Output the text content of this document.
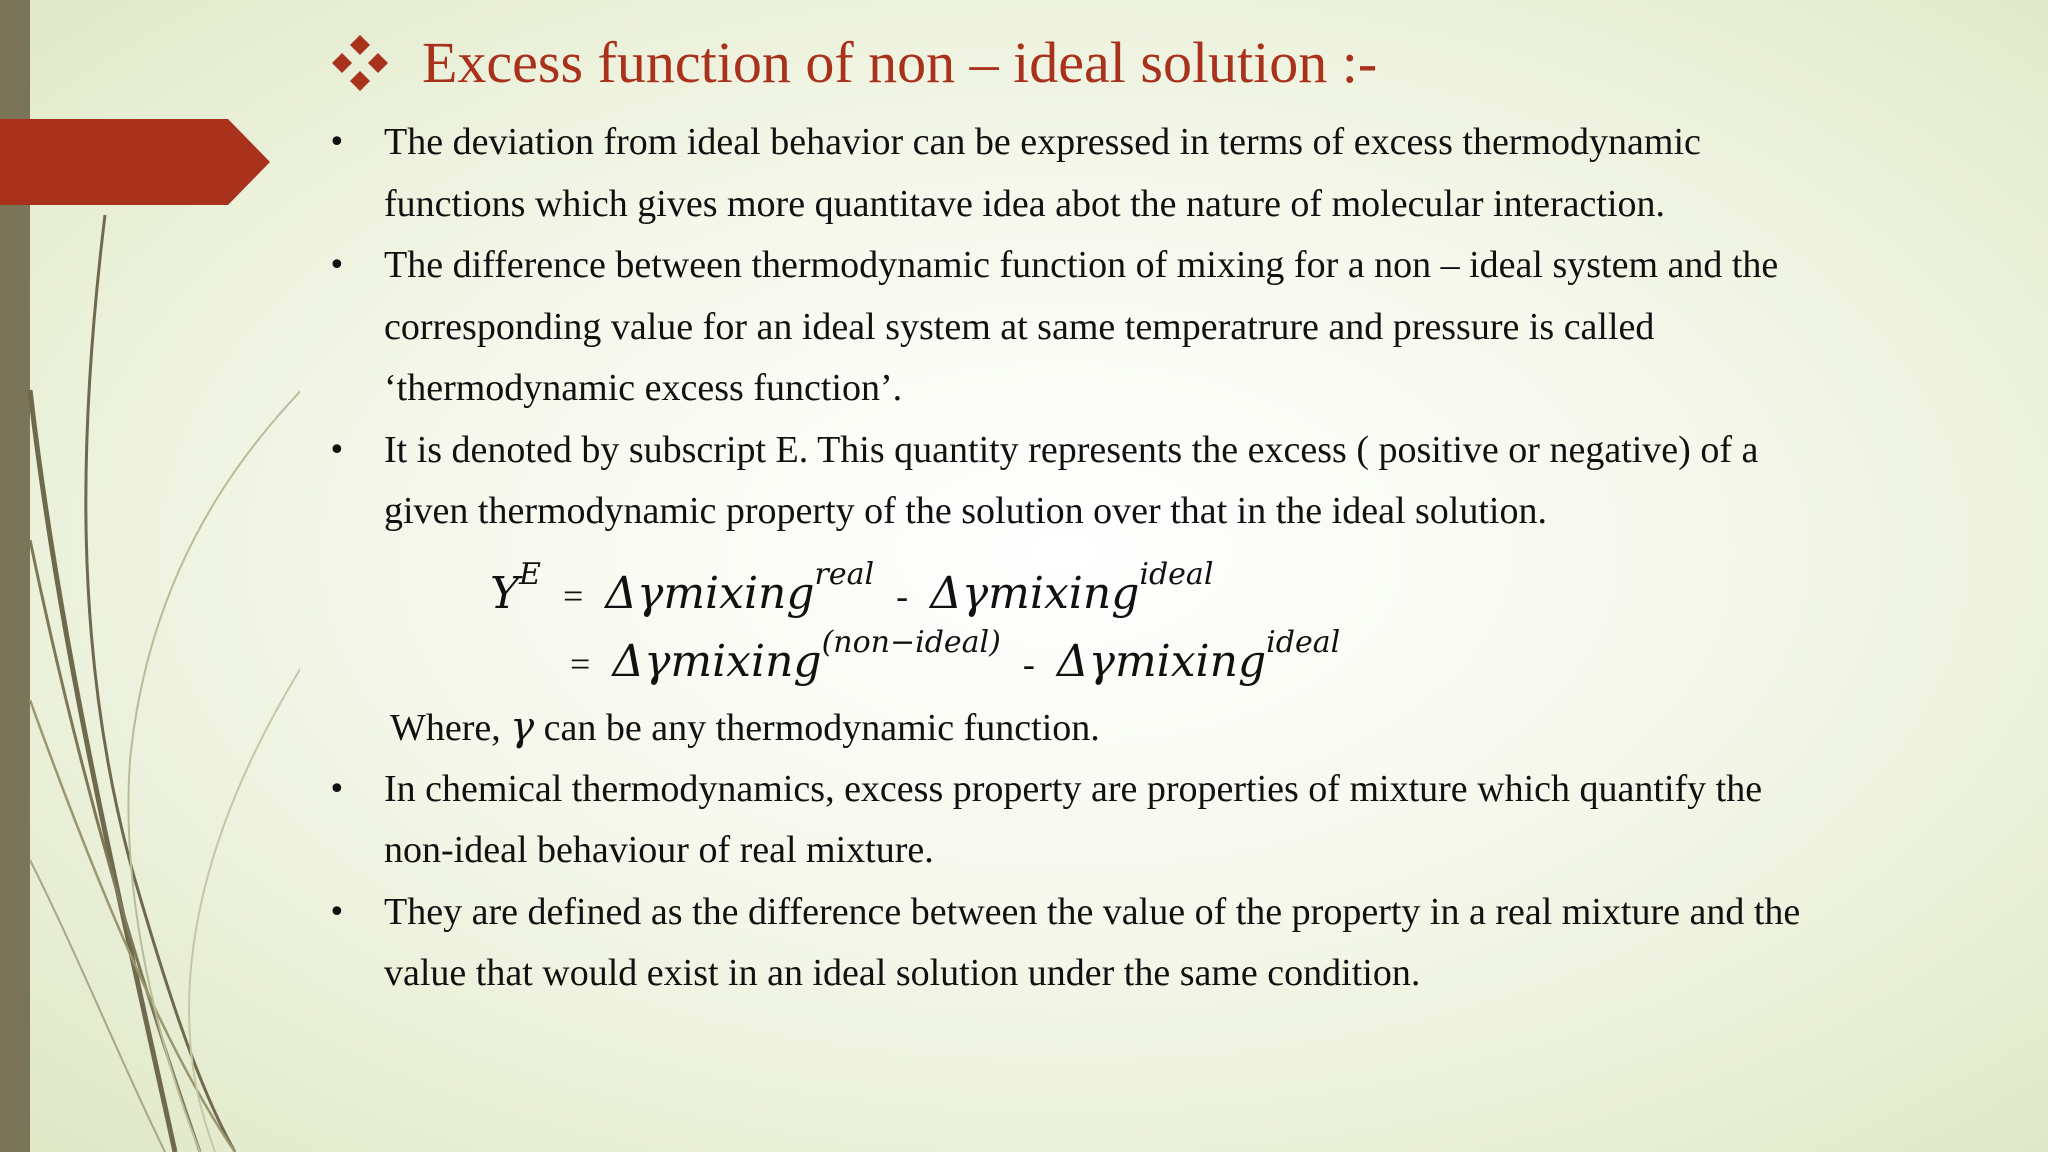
Excess function of non – ideal solution :-
• The deviation from ideal behavior can be expressed in terms of excess thermodynamic functions which gives more quantitave idea abot the nature of molecular interaction.
• The difference between thermodynamic function of mixing for a non – ideal system and the corresponding value for an ideal system at same temperatrure and pressure is called ‘thermodynamic excess function’.
• It is denoted by subscript E. This quantity represents the excess ( positive or negative) of a given thermodynamic property of the solution over that in the ideal solution.
$Y^E$ = Δγmixing$^{real}$ - Δγmixing$^{ideal}$
= Δγmixing$^{(non-ideal)}$ - Δγmixing$^{ideal}$
Where, γ can be any thermodynamic function.
• In chemical thermodynamics, excess property are properties of mixture which quantify the non-ideal behaviour of real mixture.
• They are defined as the difference between the value of the property in a real mixture and the value that would exist in an ideal solution under the same condition.
